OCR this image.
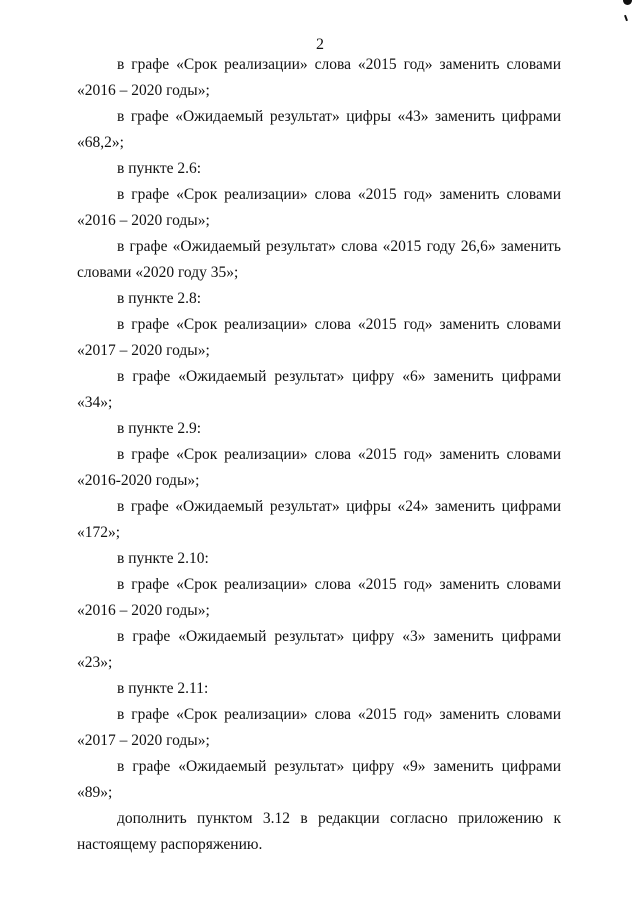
2

в графе «Срок реализации» слова «2015 год» заменить словами «2016 – 2020 годы»;

в графе «Ожидаемый результат» цифры «43» заменить цифрами «68,2»;

в пункте 2.6:

в графе «Срок реализации» слова «2015 год» заменить словами «2016 – 2020 годы»;

в графе «Ожидаемый результат» слова «2015 году 26,6» заменить словами «2020 году 35»;

в пункте 2.8:

в графе «Срок реализации» слова «2015 год» заменить словами «2017 – 2020 годы»;

в графе «Ожидаемый результат» цифру «6» заменить цифрами «34»;

в пункте 2.9:

в графе «Срок реализации» слова «2015 год» заменить словами «2016-2020 годы»;

в графе «Ожидаемый результат» цифры «24» заменить цифрами «172»;

в пункте 2.10:

в графе «Срок реализации» слова «2015 год» заменить словами «2016 – 2020 годы»;

в графе «Ожидаемый результат» цифру «3» заменить цифрами «23»;

в пункте 2.11:

в графе «Срок реализации» слова «2015 год» заменить словами «2017 – 2020 годы»;

в графе «Ожидаемый результат» цифру «9» заменить цифрами «89»;

дополнить пунктом 3.12 в редакции согласно приложению к настоящему распоряжению.
